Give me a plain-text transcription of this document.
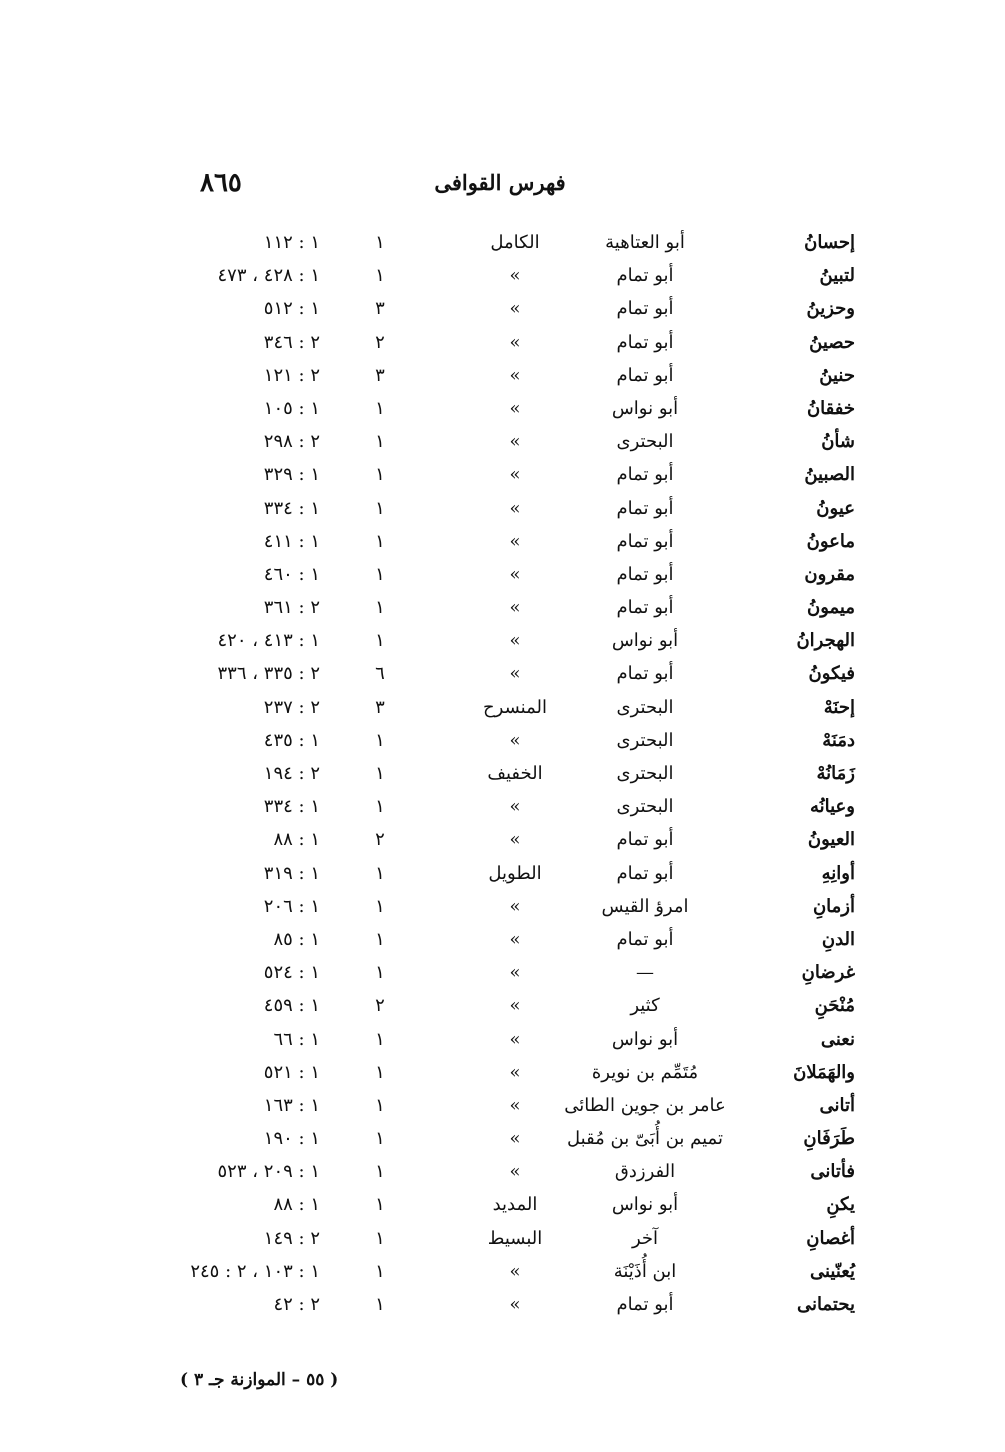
٨٦٥	فهرس القوافى
إحسانُ
أبو العتاهية
الكامل
١
١ : ١١٢
لتبينُ
أبو تمام
»
١
١ : ٤٢٨ ، ٤٧٣
وحزينُ
أبو تمام
»
٣
١ : ٥١٢
حصينُ
أبو تمام
»
٢
٢ : ٣٤٦
حنينُ
أبو تمام
»
٣
٢ : ١٢١
خفقانُ
أبو نواس
»
١
١ : ١٠٥
شأنُ
البحترى
»
١
٢ : ٢٩٨
الصبينُ
أبو تمام
»
١
١ : ٣٢٩
عيونُ
أبو تمام
»
١
١ : ٣٣٤
ماعونُ
أبو تمام
»
١
١ : ٤١١
مقرون
أبو تمام
»
١
١ : ٤٦٠
ميمونُ
أبو تمام
»
١
٢ : ٣٦١
الهجرانُ
أبو نواس
»
١
١ : ٤١٣ ، ٤٢٠
فيكونُ
أبو تمام
»
٦
٢ : ٣٣٥ ، ٣٣٦
إحنَهْ
البحترى
المنسرح
٣
٢ : ٢٣٧
دمَنَهْ
البحترى
»
١
١ : ٤٣٥
زَمَانُهْ
البحترى
الخفيف
١
٢ : ١٩٤
وعيانُه
البحترى
»
١
١ : ٣٣٤
العيونُ
أبو تمام
»
٢
١ : ٨٨
أوانِهِ
أبو تمام
الطويل
١
١ : ٣١٩
أزمانِ
امرؤ القيس
»
١
١ : ٢٠٦
الدنِ
أبو تمام
»
١
١ : ٨٥
غرضانِ
—
»
١
١ : ٥٢٤
مُنْحَنِ
كثير
»
٢
١ : ٤٥٩
نعنى
أبو نواس
»
١
١ : ٦٦
والهَمَلانَ
مُتَمِّم بن نويرة
»
١
١ : ٥٢١
أتانى
عامر بن جوين الطائى
»
١
١ : ١٦٣
طَرَفَانِ
تميم بن أُبَىّ بن مُقبل
»
١
١ : ١٩٠
فأتانى
الفرزدق
»
١
١ : ٢٠٩ ، ٥٢٣
يكنِ
أبو نواس
المديد
١
١ : ٨٨
أغصانِ
آخر
البسيط
١
٢ : ١٤٩
يُعنّينى
ابن أُذَيْنَة
»
١
١ : ١٠٣ ، ٢ : ٢٤٥
يحتمانى
أبو تمام
»
١
٢ : ٤٢
( ٥٥ – الموازنة جـ ٣ )
